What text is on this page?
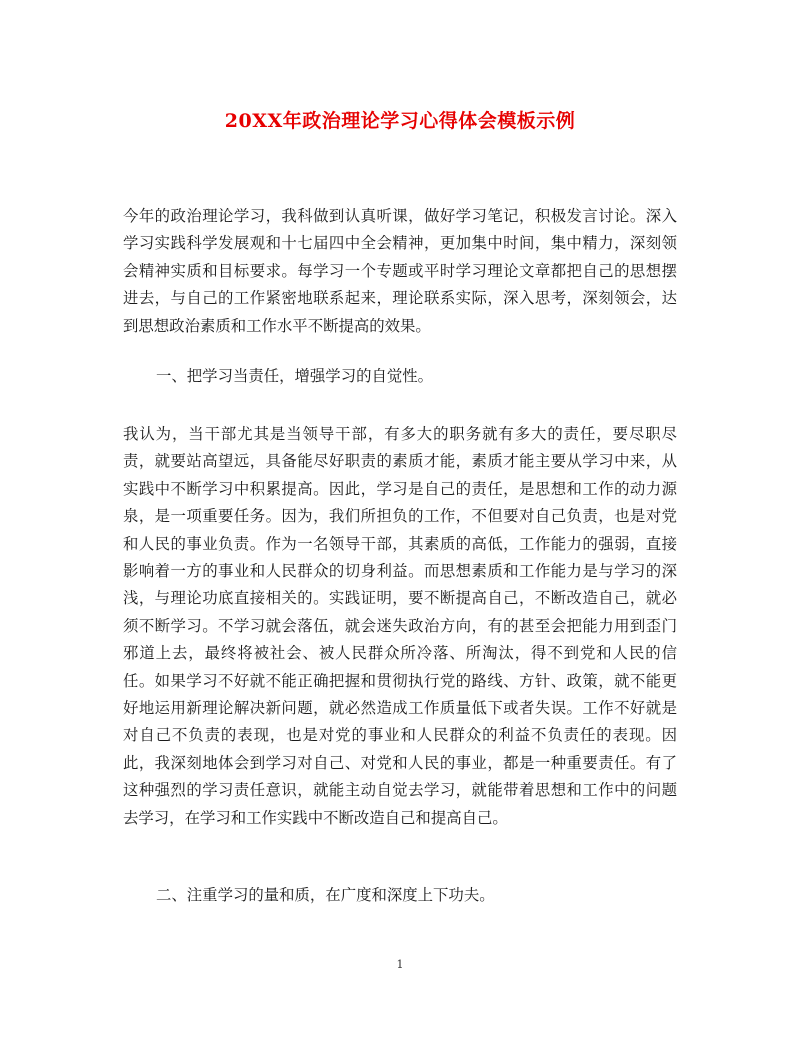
20XX年政治理论学习心得体会模板示例

今年的政治理论学习，我科做到认真听课，做好学习笔记，积极发言讨论。深入学习实践科学发展观和十七届四中全会精神，更加集中时间，集中精力，深刻领会精神实质和目标要求。每学习一个专题或平时学习理论文章都把自己的思想摆进去，与自己的工作紧密地联系起来，理论联系实际，深入思考，深刻领会，达到思想政治素质和工作水平不断提高的效果。

一、把学习当责任，增强学习的自觉性。

我认为，当干部尤其是当领导干部，有多大的职务就有多大的责任，要尽职尽责，就要站高望远，具备能尽好职责的素质才能，素质才能主要从学习中来，从实践中不断学习中积累提高。因此，学习是自己的责任，是思想和工作的动力源泉，是一项重要任务。因为，我们所担负的工作，不但要对自己负责，也是对党和人民的事业负责。作为一名领导干部，其素质的高低，工作能力的强弱，直接影响着一方的事业和人民群众的切身利益。而思想素质和工作能力是与学习的深浅，与理论功底直接相关的。实践证明，要不断提高自己，不断改造自己，就必须不断学习。不学习就会落伍，就会迷失政治方向，有的甚至会把能力用到歪门邪道上去，最终将被社会、被人民群众所冷落、所淘汰，得不到党和人民的信任。如果学习不好就不能正确把握和贯彻执行党的路线、方针、政策，就不能更好地运用新理论解决新问题，就必然造成工作质量低下或者失误。工作不好就是对自己不负责的表现，也是对党的事业和人民群众的利益不负责任的表现。因此，我深刻地体会到学习对自己、对党和人民的事业，都是一种重要责任。有了这种强烈的学习责任意识，就能主动自觉去学习，就能带着思想和工作中的问题去学习，在学习和工作实践中不断改造自己和提高自己。

二、注重学习的量和质，在广度和深度上下功夫。

1
